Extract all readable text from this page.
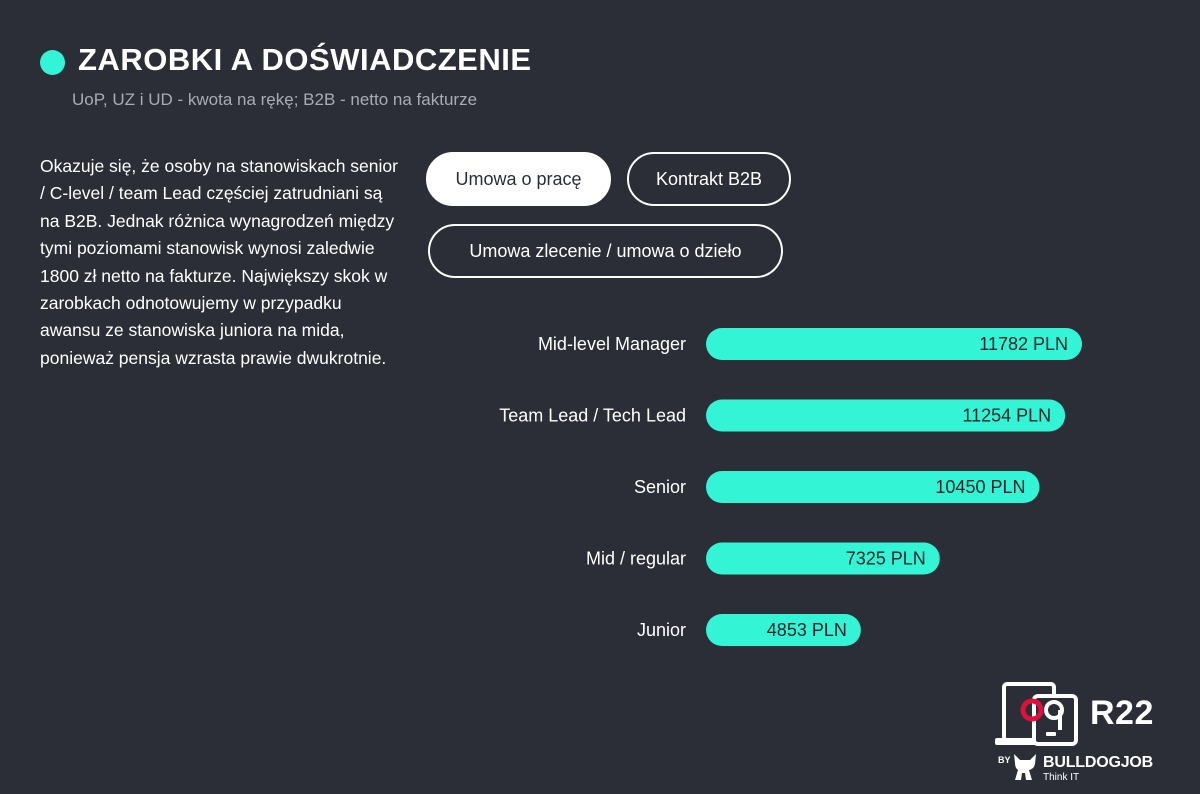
ZAROBKI A DOŚWIADCZENIE
UoP, UZ i UD - kwota na rękę; B2B - netto na fakturze

Okazuje się, że osoby na stanowiskach senior / C-level / team Lead częściej zatrudniani są na B2B. Jednak różnica wynagrodzeń między tymi poziomami stanowisk wynosi zaledwie 1800 zł netto na fakturze. Największy skok w zarobkach odnotowujemy w przypadku awansu ze stanowiska juniora na mida, ponieważ pensja wzrasta prawie dwukrotnie.

Umowa o pracę	Kontrakt B2B
Umowa zlecenie / umowa o dzieło
Mid-level Manager	11782 PLN
Team Lead / Tech Lead	11254 PLN
Senior	10450 PLN
Mid / regular	7325 PLN
Junior	4853 PLN
R22
BY BULLDOGJOB
Think IT
